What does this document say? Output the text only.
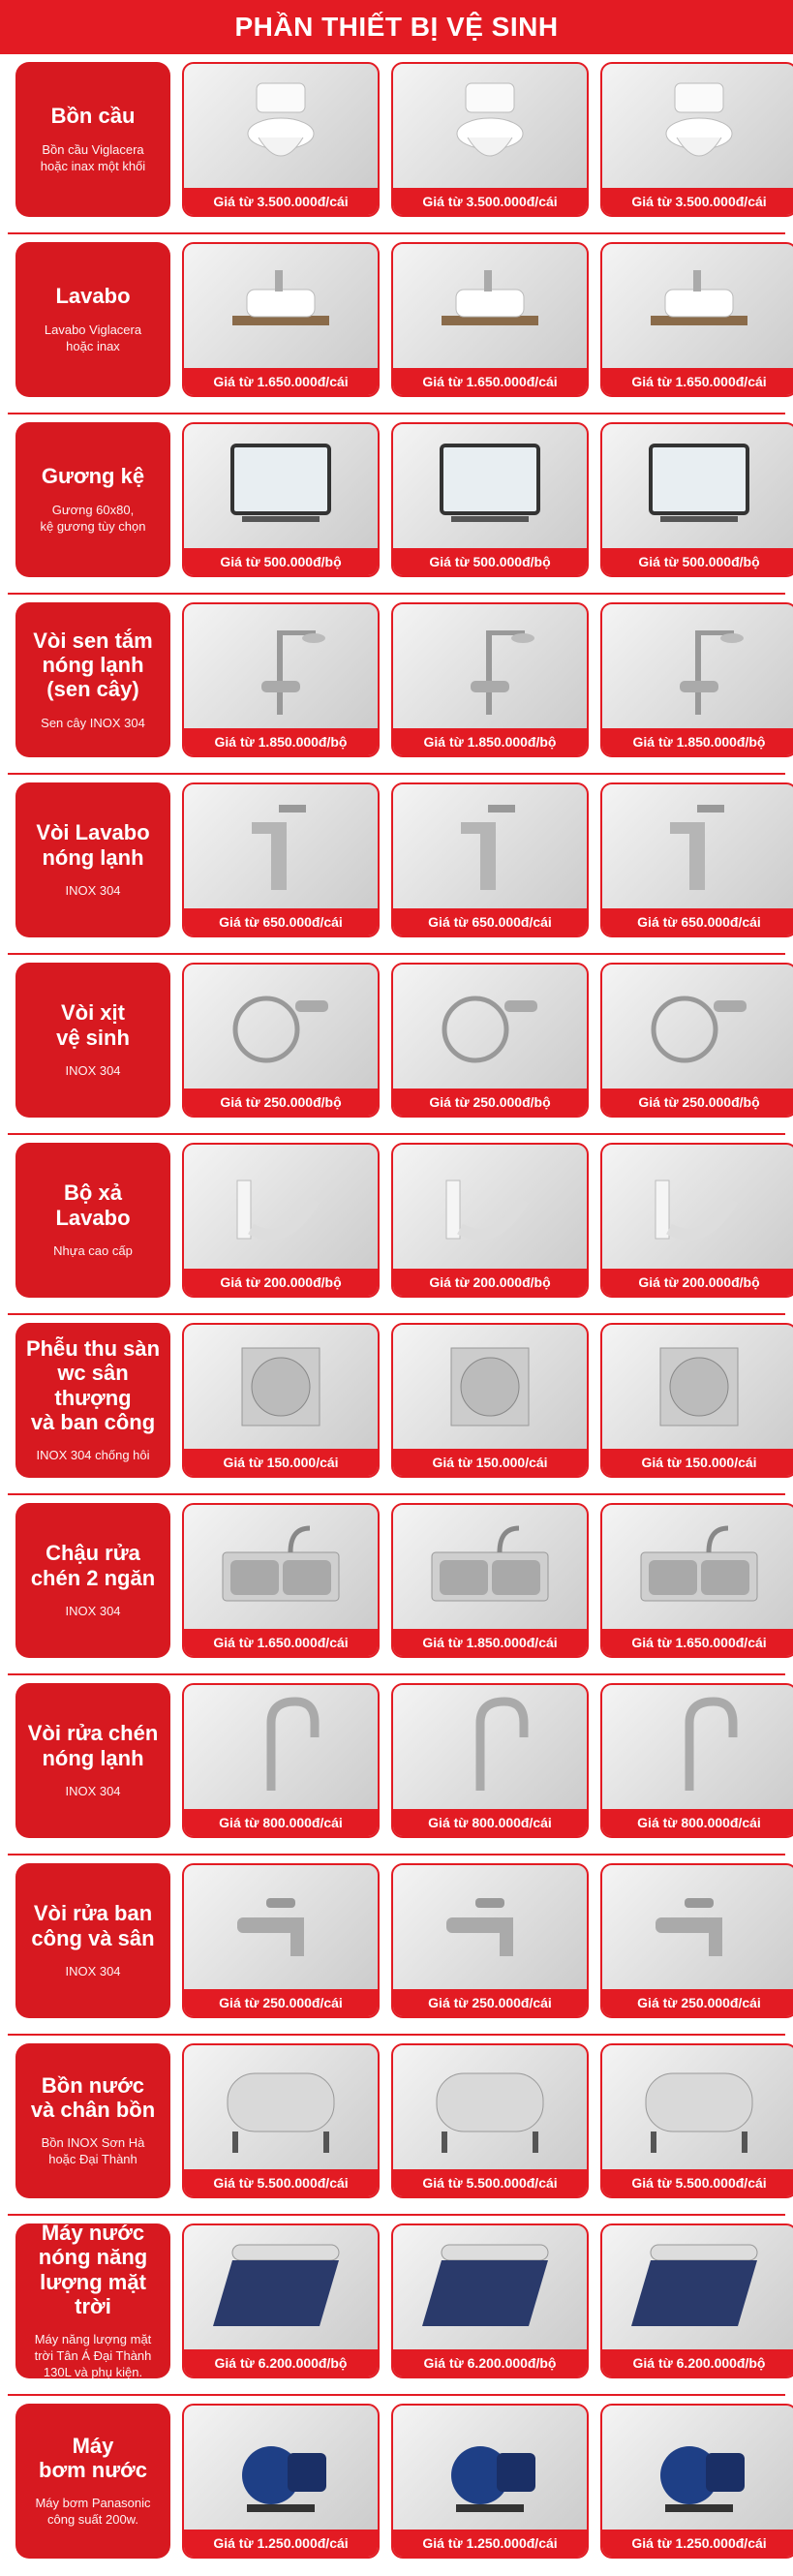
PHẦN THIẾT BỊ VỆ SINH
Bồn cầu
Bồn cầu Viglacera
hoặc inax một khối
Giá từ 3.500.000đ/cái	Giá từ 3.500.000đ/cái	Giá từ 3.500.000đ/cái
Lavabo
Lavabo Viglacera
hoặc inax
Giá từ 1.650.000đ/cái	Giá từ 1.650.000đ/cái	Giá từ 1.650.000đ/cái
Gương kệ
Gương 60x80,
kệ gương tùy chọn
Giá từ 500.000đ/bộ	Giá từ 500.000đ/bộ	Giá từ 500.000đ/bộ
Vòi sen tắm
nóng lạnh
(sen cây)
Sen cây INOX 304
Giá từ 1.850.000đ/bộ	Giá từ 1.850.000đ/bộ	Giá từ 1.850.000đ/bộ
Vòi Lavabo
nóng lạnh
INOX 304
Giá từ 650.000đ/cái	Giá từ 650.000đ/cái	Giá từ 650.000đ/cái
Vòi xịt
vệ sinh
INOX 304
Giá từ 250.000đ/bộ	Giá từ 250.000đ/bộ	Giá từ 250.000đ/bộ
Bộ xả
Lavabo
Nhựa cao cấp
Giá từ 200.000đ/bộ	Giá từ 200.000đ/bộ	Giá từ 200.000đ/bộ
Phễu thu sàn
wc sân thượng
và ban công
INOX 304 chống hôi	Giá từ 150.000/cái	Giá từ 150.000/cái	Giá từ 150.000/cái
Chậu rửa
chén 2 ngăn
INOX 304
Giá từ 1.650.000đ/cái	Giá từ 1.850.000đ/cái	Giá từ 1.650.000đ/cái
Vòi rửa chén
nóng lạnh
INOX 304
Giá từ 800.000đ/cái	Giá từ 800.000đ/cái	Giá từ 800.000đ/cái
Vòi rửa ban
công và sân
INOX 304
Giá từ 250.000đ/cái	Giá từ 250.000đ/cái	Giá từ 250.000đ/cái
Bồn nước
và chân bồn
Bồn INOX Sơn Hà
hoặc Đại Thành
Giá từ 5.500.000đ/cái	Giá từ 5.500.000đ/cái	Giá từ 5.500.000đ/cái
Máy nước
nóng năng
lượng mặt trời
Máy năng lượng mặt
trời Tân Á Đại Thành
130L và phụ kiện.
Giá từ 6.200.000đ/bộ	Giá từ 6.200.000đ/bộ	Giá từ 6.200.000đ/bộ
Máy
bơm nước
Máy bơm Panasonic
công suất 200w.
Giá từ 1.250.000đ/cái	Giá từ 1.250.000đ/cái	Giá từ 1.250.000đ/cái
